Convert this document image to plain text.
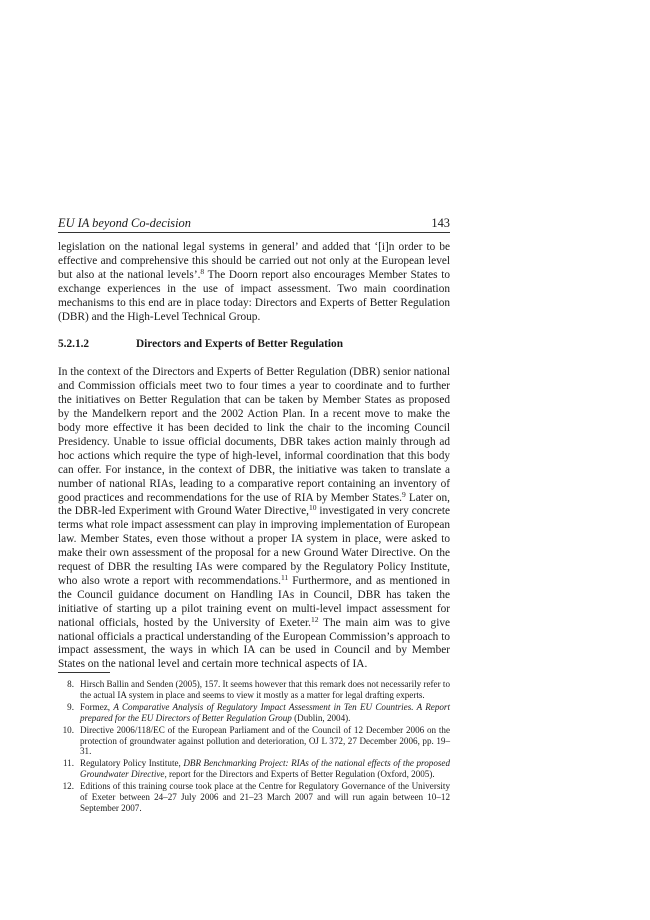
EU IA beyond Co-decision	143

legislation on the national legal systems in general’ and added that ‘[i]n order to be effective and comprehensive this should be carried out not only at the European level but also at the national levels’.$^8$ The Doorn report also encourages Member States to exchange experiences in the use of impact assessment. Two main coordination mechanisms to this end are in place today: Directors and Experts of Better Regulation (DBR) and the High-Level Technical Group.

5.2.1.2	Directors and Experts of Better Regulation

In the context of the Directors and Experts of Better Regulation (DBR) senior national and Commission officials meet two to four times a year to coordinate and to further the initiatives on Better Regulation that can be taken by Member States as proposed by the Mandelkern report and the 2002 Action Plan. In a recent move to make the body more effective it has been decided to link the chair to the incoming Council Presidency. Unable to issue official documents, DBR takes action mainly through ad hoc actions which require the type of high-level, informal coordination that this body can offer. For instance, in the context of DBR, the initiative was taken to translate a number of national RIAs, leading to a comparative report containing an inventory of good practices and recommendations for the use of RIA by Member States.$^9$ Later on, the DBR-led Experiment with Ground Water Directive,$^{10}$ investigated in very concrete terms what role impact assessment can play in improving implementation of European law. Member States, even those without a proper IA system in place, were asked to make their own assessment of the proposal for a new Ground Water Directive. On the request of DBR the resulting IAs were compared by the Regulatory Policy Institute, who also wrote a report with recommendations.$^{11}$ Furthermore, and as mentioned in the Council guidance document on Handling IAs in Council, DBR has taken the initiative of starting up a pilot training event on multi-level impact assessment for national officials, hosted by the University of Exeter.$^{12}$ The main aim was to give national officials a practical understanding of the European Commission’s approach to impact assessment, the ways in which IA can be used in Council and by Member States on the national level and certain more technical aspects of IA.

8. Hirsch Ballin and Senden (2005), 157. It seems however that this remark does not necessarily refer to the actual IA system in place and seems to view it mostly as a matter for legal drafting experts.
9. Formez, A Comparative Analysis of Regulatory Impact Assessment in Ten EU Countries. A Report prepared for the EU Directors of Better Regulation Group (Dublin, 2004).
10. Directive 2006/118/EC of the European Parliament and of the Council of 12 December 2006 on the protection of groundwater against pollution and deterioration, OJ L 372, 27 December 2006, pp. 19–31.
11. Regulatory Policy Institute, DBR Benchmarking Project: RIAs of the national effects of the proposed Groundwater Directive, report for the Directors and Experts of Better Regulation (Oxford, 2005).
12. Editions of this training course took place at the Centre for Regulatory Governance of the University of Exeter between 24–27 July 2006 and 21–23 March 2007 and will run again between 10–12 September 2007.
